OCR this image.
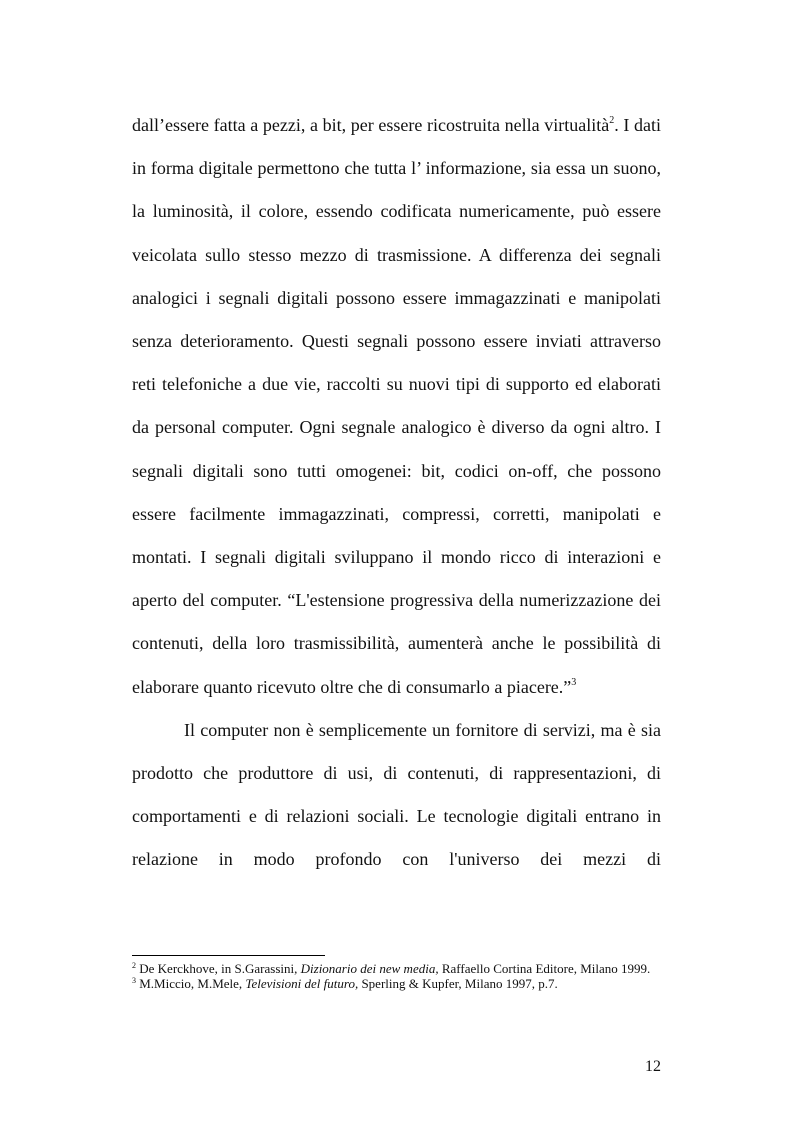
dall’essere fatta a pezzi, a bit, per essere ricostruita nella virtualità$^2$. I dati in forma digitale permettono che tutta l’ informazione, sia essa un suono, la luminosità, il colore, essendo codificata numericamente, può essere veicolata sullo stesso mezzo di trasmissione. A differenza dei segnali analogici i segnali digitali possono essere immagazzinati e manipolati senza deterioramento. Questi segnali possono essere inviati attraverso reti telefoniche a due vie, raccolti su nuovi tipi di supporto ed elaborati da personal computer. Ogni segnale analogico è diverso da ogni altro. I segnali digitali sono tutti omogenei: bit, codici on-off, che possono essere facilmente immagazzinati, compressi, corretti, manipolati e montati. I segnali digitali sviluppano il mondo ricco di interazioni e aperto del computer. “L'estensione progressiva della numerizzazione dei contenuti, della loro trasmissibilità, aumenterà anche le possibilità di elaborare quanto ricevuto oltre che di consumarlo a piacere.”$^3$

Il computer non è semplicemente un fornitore di servizi, ma è sia prodotto che produttore di usi, di contenuti, di rappresentazioni, di comportamenti e di relazioni sociali. Le tecnologie digitali entrano in relazione in modo profondo con l'universo dei mezzi di

$^2$ De Kerckhove, in S.Garassini, Dizionario dei new media, Raffaello Cortina Editore, Milano 1999.

$^3$ M.Miccio, M.Mele, Televisioni del futuro, Sperling & Kupfer, Milano 1997, p.7.

12
